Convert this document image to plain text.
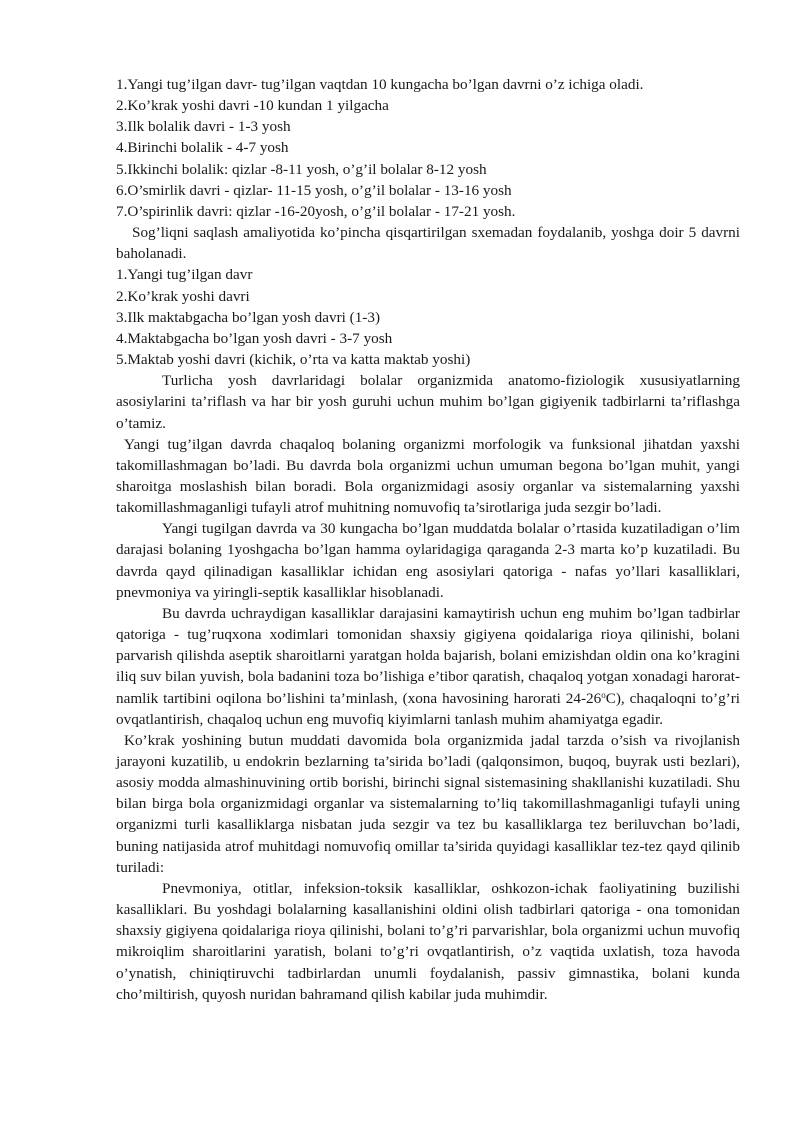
1.Yangi tug’ilgan davr- tug’ilgan vaqtdan 10 kungacha bo’lgan davrni o’z ichiga oladi.
2.Ko’krak yoshi davri -10 kundan 1 yilgacha
3.Ilk bolalik davri - 1-3 yosh
4.Birinchi bolalik - 4-7 yosh
5.Ikkinchi bolalik: qizlar -8-11 yosh, o’g’il bolalar 8-12 yosh
6.O’smirlik davri - qizlar- 11-15 yosh, o’g’il bolalar - 13-16 yosh
7.O’spirinlik davri: qizlar -16-20yosh, o’g’il bolalar - 17-21 yosh.

Sog’liqni saqlash amaliyotida ko’pincha qisqartirilgan sxemadan foydalanib, yoshga doir 5 davrni baholanadi.

1.Yangi tug’ilgan davr
2.Ko’krak yoshi davri
3.Ilk maktabgacha bo’lgan yosh davri (1-3)
4.Maktabgacha bo’lgan yosh davri - 3-7 yosh
5.Maktab yoshi davri (kichik, o’rta va katta maktab yoshi)

Turlicha yosh davrlaridagi bolalar organizmida anatomo-fiziologik xususiyatlarning asosiylarini ta’riflash va har bir yosh guruhi uchun muhim bo’lgan gigiyenik tadbirlarni ta’riflashga o’tamiz.

Yangi tug’ilgan davrda chaqaloq bolaning organizmi morfologik va funksional jihatdan yaxshi takomillashmagan bo’ladi. Bu davrda bola organizmi uchun umuman begona bo’lgan muhit, yangi sharoitga moslashish bilan boradi. Bola organizmidagi asosiy organlar va sistemalarning yaxshi takomillashmaganligi tufayli atrof muhitning nomuvofiq ta’sirotlariga juda sezgir bo’ladi.

Yangi tugilgan davrda va 30 kungacha bo’lgan muddatda bolalar o’rtasida kuzatiladigan o’lim darajasi bolaning 1yoshgacha bo’lgan hamma oylaridagiga qaraganda 2-3 marta ko’p kuzatiladi. Bu davrda qayd qilinadigan kasalliklar ichidan eng asosiylari qatoriga - nafas yo’llari kasalliklari, pnevmoniya va yiringli-septik kasalliklar hisoblanadi.

Bu davrda uchraydigan kasalliklar darajasini kamaytirish uchun eng muhim bo’lgan tadbirlar qatoriga - tug’ruqxona xodimlari tomonidan shaxsiy gigiyena qoidalariga rioya qilinishi, bolani parvarish qilishda aseptik sharoitlarni yaratgan holda bajarish, bolani emizishdan oldin ona ko’kragini iliq suv bilan yuvish, bola badanini toza bo’lishiga e’tibor qaratish, chaqaloq yotgan xonadagi harorat-namlik tartibini oqilona bo’lishini ta’minlash, (xona havosining harorati 24-26$^o$C), chaqaloqni to’g’ri ovqatlantirish, chaqaloq uchun eng muvofiq kiyimlarni tanlash muhim ahamiyatga egadir.

Ko’krak yoshining butun muddati davomida bola organizmida jadal tarzda o’sish va rivojlanish jarayoni kuzatilib, u endokrin bezlarning ta’sirida bo’ladi (qalqonsimon, buqoq, buyrak usti bezlari), asosiy modda almashinuvining ortib borishi, birinchi signal sistemasining shakllanishi kuzatiladi. Shu bilan birga bola organizmidagi organlar va sistemalarning to’liq takomillashmaganligi tufayli uning organizmi turli kasalliklarga nisbatan juda sezgir va tez bu kasalliklarga tez beriluvchan bo’ladi, buning natijasida atrof muhitdagi nomuvofiq omillar ta’sirida quyidagi kasalliklar tez-tez qayd qilinib turiladi:

Pnevmoniya, otitlar, infeksion-toksik kasalliklar, oshkozon-ichak faoliyatining buzilishi kasalliklari. Bu yoshdagi bolalarning kasallanishini oldini olish tadbirlari qatoriga - ona tomonidan shaxsiy gigiyena qoidalariga rioya qilinishi, bolani to’g’ri parvarishlar, bola organizmi uchun muvofiq mikroiqlim sharoitlarini yaratish, bolani to’g’ri ovqatlantirish, o’z vaqtida uxlatish, toza havoda o’ynatish, chiniqtiruvchi tadbirlardan unumli foydalanish, passiv gimnastika, bolani kunda cho’miltirish, quyosh nuridan bahramand qilish kabilar juda muhimdir.
